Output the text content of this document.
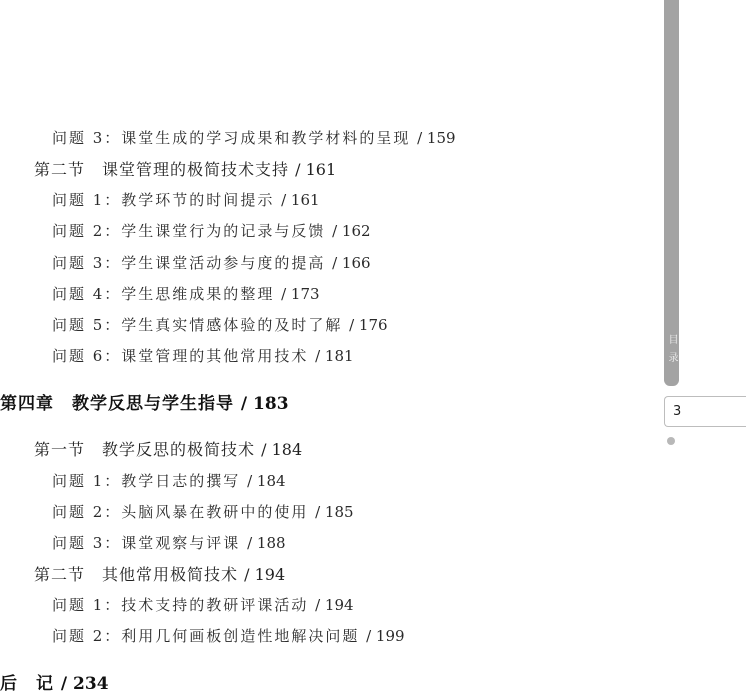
问题 3：课堂生成的学习成果和教学材料的呈现 / 159
第二节　课堂管理的极简技术支持 / 161
问题 1：教学环节的时间提示 / 161
问题 2：学生课堂行为的记录与反馈 / 162
问题 3：学生课堂活动参与度的提高 / 166
问题 4：学生思维成果的整理 / 173
问题 5：学生真实情感体验的及时了解 / 176
问题 6：课堂管理的其他常用技术 / 181
第四章　教学反思与学生指导 / 183
第一节　教学反思的极简技术 / 184
问题 1：教学日志的撰写 / 184
问题 2：头脑风暴在教研中的使用 / 185
问题 3：课堂观察与评课 / 188
第二节　其他常用极简技术 / 194
问题 1：技术支持的教研评课活动 / 194
问题 2：利用几何画板创造性地解决问题 / 199
后　记 / 234
目录
3
